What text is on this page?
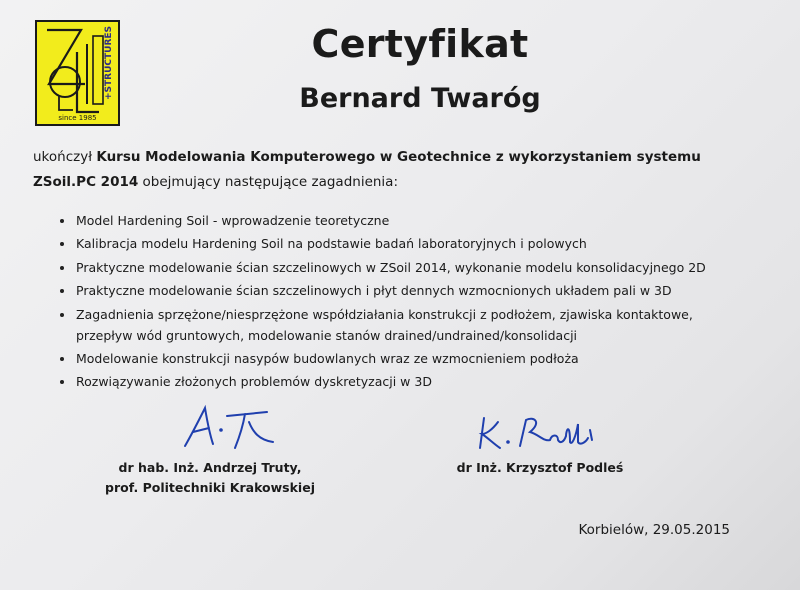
+STRUCTURES
since 1985
Certyfikat
Bernard Twaróg
ukończył Kursu Modelowania Komputerowego w Geotechnice z wykorzystaniem systemu
ZSoil.PC 2014 obejmujący następujące zagadnienia:
Model Hardening Soil - wprowadzenie teoretyczne
Kalibracja modelu Hardening Soil na podstawie badań laboratoryjnych i polowych
Praktyczne modelowanie ścian szczelinowych w ZSoil 2014, wykonanie modelu konsolidacyjnego 2D
Praktyczne modelowanie ścian szczelinowych i płyt dennych wzmocnionych układem pali w 3D
Zagadnienia sprzężone/niesprzężone współdziałania konstrukcji z podłożem, zjawiska kontaktowe, przepływ wód gruntowych, modelowanie stanów drained/undrained/konsolidacji
Modelowanie konstrukcji nasypów budowlanych wraz ze wzmocnieniem podłoża
Rozwiązywanie złożonych problemów dyskretyzacji w 3D
dr hab. Inż. Andrzej Truty,
prof. Politechniki Krakowskiej
dr Inż. Krzysztof Podleś
Korbielów, 29.05.2015
